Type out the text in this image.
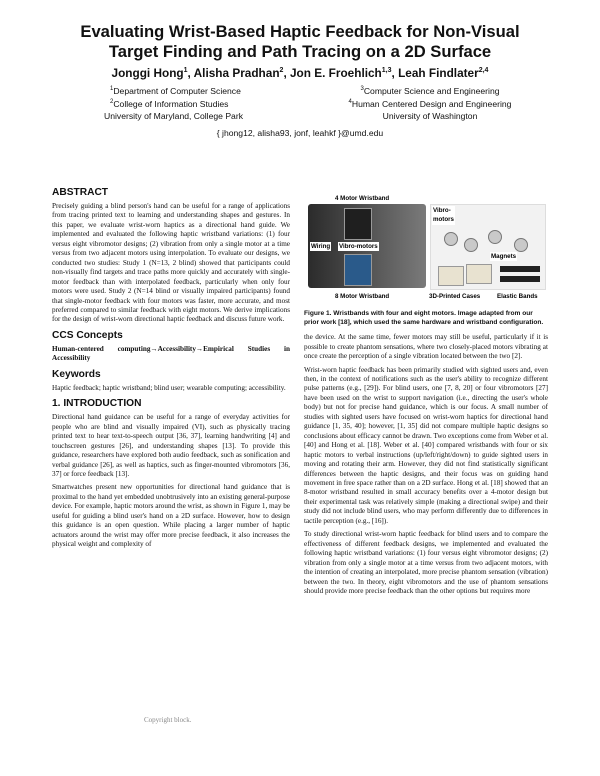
Evaluating Wrist-Based Haptic Feedback for Non-Visual
Target Finding and Path Tracing on a 2D Surface
Jonggi Hong$^1$, Alisha Pradhan$^2$, Jon E. Froehlich$^{1,3}$, Leah Findlater$^{2,4}$
$^1$Department of Computer Science
$^2$College of Information Studies
University of Maryland, College Park
$^3$Computer Science and Engineering
$^4$Human Centered Design and Engineering
University of Washington
{ jhong12, alisha93, jonf, leahkf }@umd.edu
ABSTRACT

Precisely guiding a blind person's hand can be useful for a range of applications from tracing printed text to learning and understanding shapes and gestures. In this paper, we evaluate wrist-worn haptics as a directional hand guide. We implemented and evaluated the following haptic wristband variations: (1) four versus eight vibromotor designs; (2) vibration from only a single motor at a time versus from two adjacent motors using interpolation. To evaluate our designs, we conducted two studies: Study 1 (N=13, 2 blind) showed that participants could non-visually find targets and trace paths more quickly and accurately with single-motor feedback than with interpolated feedback, particularly when only four motors were used. Study 2 (N=14 blind or visually impaired participants) found that single-motor feedback with four motors was faster, more accurate, and most preferred compared to similar feedback with eight motors. We derive implications for the design of wrist-worn directional haptic feedback and discuss future work.

CCS Concepts

Human-centered computing→Accessibility→Empirical Studies in Accessibility

Keywords

Haptic feedback; haptic wristband; blind user; wearable computing; accessibility.

1. INTRODUCTION

Directional hand guidance can be useful for a range of everyday activities for people who are blind and visually impaired (VI), such as physically tracing printed text to hear text-to-speech output [36, 37], learning handwriting [4] and touchscreen gestures [26], and understanding shapes [13]. To provide this guidance, researchers have explored both audio feedback, such as sonification and verbal guidance [26], as well as haptics, such as finger-mounted vibromotors [36, 37] or force feedback [13].

Smartwatches present new opportunities for directional hand guidance that is proximal to the hand yet embedded unobtrusively into an existing general-purpose device. For example, haptic motors around the wrist, as shown in Figure 1, may be useful for guiding a blind user's hand on a 2D surface. However, how to design this guidance is an open question. While placing a larger number of haptic actuators around the wrist may offer more precise feedback, it also increases the physical weight and complexity of

4 Motor Wristband
Vibro-
motors
Wiring Vibro-motors
Magnets
8 Motor Wristband	3D-Printed Cases	Elastic Bands
Figure 1. Wristbands with four and eight motors. Image adapted from our prior work [18], which used the same hardware and wristband configuration.

the device. At the same time, fewer motors may still be useful, particularly if it is possible to create phantom sensations, where two closely-placed motors vibrating at once create the perception of a single vibration located between the two [2].

Wrist-worn haptic feedback has been primarily studied with sighted users and, even then, in the context of notifications such as the user's ability to recognize different pulse patterns (e.g., [29]). For blind users, one [7, 8, 20] or four vibromotors [27] have been used on the wrist to support navigation (i.e., directing the user's whole body) but not for precise hand guidance, which is our focus. A small number of studies with sighted users have focused on wrist-worn haptics for directional hand guidance [1, 35, 40]; however, [1, 35] did not compare multiple haptic designs so conclusions about efficacy cannot be drawn. Two exceptions come from Weber et al. [40] and Hong et al. [18]. Weber et al. [40] compared wristbands with four or six haptic motors to verbal instructions (up/left/right/down) to guide sighted users in moving and rotating their arm. However, they did not find statistically significant differences between the haptic designs, and their focus was on guiding hand movement in free space rather than on a 2D surface. Hong et al. [18] showed that an 8-motor wristband resulted in small accuracy benefits over a 4-motor design but their experimental task was relatively simple (making a directional swipe) and their study did not include blind users, who may perform differently due to differences in tactile perception (e.g., [16]).

To study directional wrist-worn haptic feedback for blind users and to compare the effectiveness of different feedback designs, we implemented and evaluated the following haptic wristband variations: (1) four versus eight vibromotor designs; (2) vibration from only a single motor at a time versus from two adjacent motors, with the intention of creating an interpolated, more precise phantom sensation (vibration) between the two. In theory, eight vibromotors and the use of phantom sensations should provide more precise feedback than the other options but requires more

Copyright block.
